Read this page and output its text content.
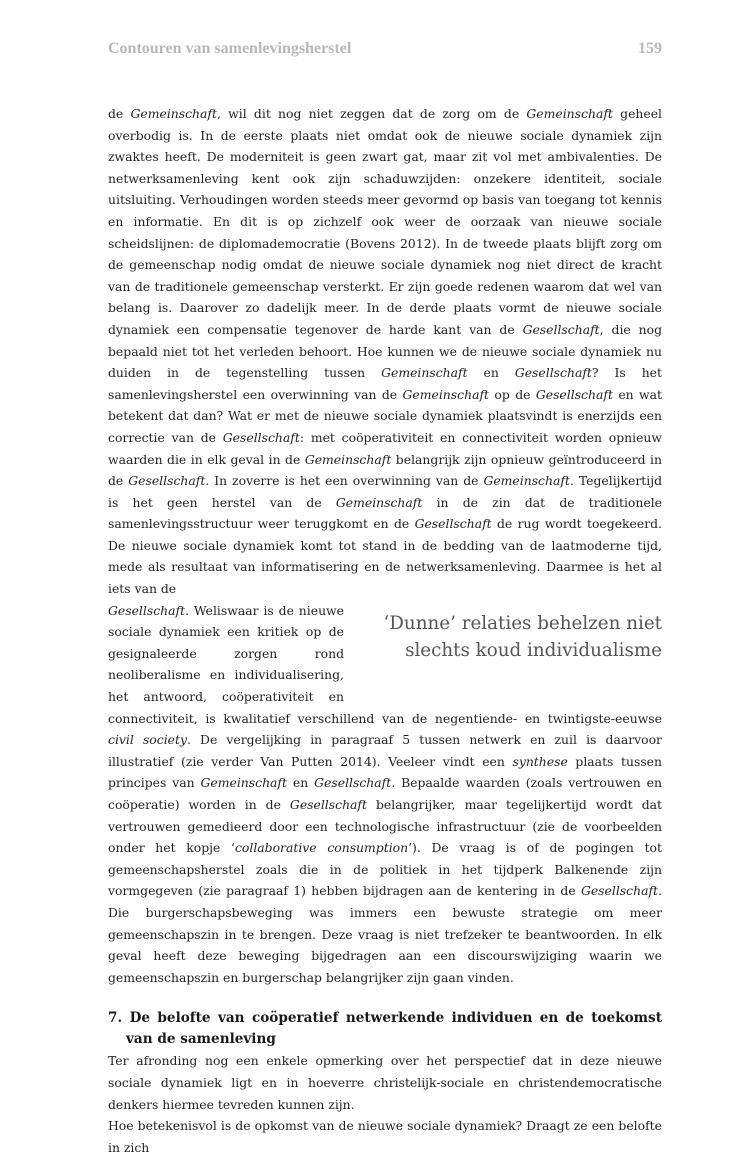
Contouren van samenlevingsherstel	159

de Gemeinschaft, wil dit nog niet zeggen dat de zorg om de Gemeinschaft geheel overbodig is. In de eerste plaats niet omdat ook de nieuwe sociale dynamiek zijn zwaktes heeft. De moderniteit is geen zwart gat, maar zit vol met ambivalenties. De netwerksamenleving kent ook zijn schaduwzijden: onzekere identiteit, sociale uitsluiting. Verhoudingen worden steeds meer gevormd op basis van toegang tot kennis en informatie. En dit is op zichzelf ook weer de oorzaak van nieuwe sociale scheidslijnen: de diplomademocratie (Bovens 2012). In de tweede plaats blijft zorg om de gemeenschap nodig omdat de nieuwe sociale dynamiek nog niet direct de kracht van de traditionele gemeenschap versterkt. Er zijn goede redenen waarom dat wel van belang is. Daarover zo dadelijk meer. In de derde plaats vormt de nieuwe sociale dynamiek een compensatie tegenover de harde kant van de Gesellschaft, die nog bepaald niet tot het verleden behoort. Hoe kunnen we de nieuwe sociale dynamiek nu duiden in de tegenstelling tussen Gemeinschaft en Gesellschaft? Is het samenlevingsherstel een overwinning van de Gemeinschaft op de Gesellschaft en wat betekent dat dan? Wat er met de nieuwe sociale dynamiek plaatsvindt is enerzijds een correctie van de Gesellschaft: met coöperativiteit en connectiviteit worden opnieuw waarden die in elk geval in de Gemeinschaft belangrijk zijn opnieuw geïntroduceerd in de Gesellschaft. In zoverre is het een overwinning van de Gemeinschaft. Tegelijkertijd is het geen herstel van de Gemeinschaft in de zin dat de traditionele samenlevingsstructuur weer teruggkomt en de Gesellschaft de rug wordt toegekeerd. De nieuwe sociale dynamiek komt tot stand in de bedding van de laatmoderne tijd, mede als resultaat van informatisering en de netwerksamenleving. Daarmee is het al iets van de

‘Dunne’ relaties behelzen niet
slechts koud individualisme
Gesellschaft. Weliswaar is de nieuwe sociale dynamiek een kritiek op de gesignaleerde zorgen rond neoliberalisme en individualisering, het antwoord, coöperativiteit en connectiviteit, is kwalitatief verschillend van de negentiende- en twintigste-eeuwse civil society. De vergelijking in paragraaf 5 tussen netwerk en zuil is daarvoor illustratief (zie verder Van Putten 2014). Veeleer vindt een synthese plaats tussen principes van Gemeinschaft en Gesellschaft. Bepaalde waarden (zoals vertrouwen en coöperatie) worden in de Gesellschaft belangrijker, maar tegelijkertijd wordt dat vertrouwen gemedieerd door een technologische infrastructuur (zie de voorbeelden onder het kopje ‘collaborative consumption’). De vraag is of de pogingen tot gemeenschapsherstel zoals die in de politiek in het tijdperk Balkenende zijn vormgegeven (zie paragraaf 1) hebben bijdragen aan de kentering in de Gesellschaft. Die burgerschapsbeweging was immers een bewuste strategie om meer gemeenschapszin in te brengen. Deze vraag is niet trefzeker te beantwoorden. In elk geval heeft deze beweging bijgedragen aan een discourswijziging waarin we gemeenschapszin en burgerschap belangrijker zijn gaan vinden.

7. De belofte van coöperatief netwerkende individuen en de toekomst van de samenleving

Ter afronding nog een enkele opmerking over het perspectief dat in deze nieuwe sociale dynamiek ligt en in hoeverre christelijk-sociale en christendemocratische denkers hiermee tevreden kunnen zijn.

Hoe betekenisvol is de opkomst van de nieuwe sociale dynamiek? Draagt ze een belofte in zich
